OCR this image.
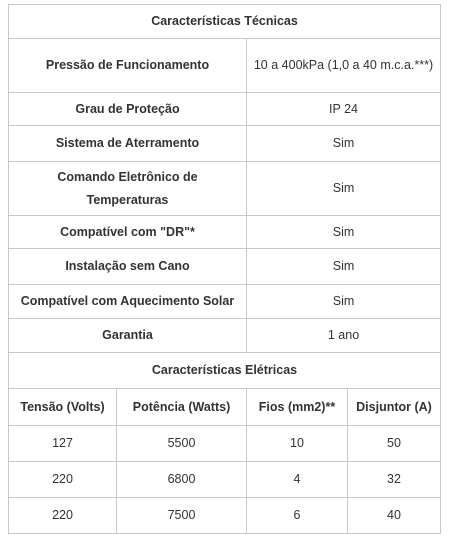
Características Técnicas			
Pressão de Funcionamento		10 a 400kPa (1,0 a 40 m.c.a.***)	
Grau de Proteção		IP 24	
Sistema de Aterramento		Sim	
Comando Eletrônico de Temperaturas		Sim	
Compatível com "DR"*		Sim	
Instalação sem Cano		Sim	
Compatível com Aquecimento Solar		Sim	
Garantia		1 ano	
Características Elétricas			
Tensão (Volts)	Potência (Watts)	Fios (mm2)**	Disjuntor (A)
127	5500	10	50
220	6800	4	32
220	7500	6	40
